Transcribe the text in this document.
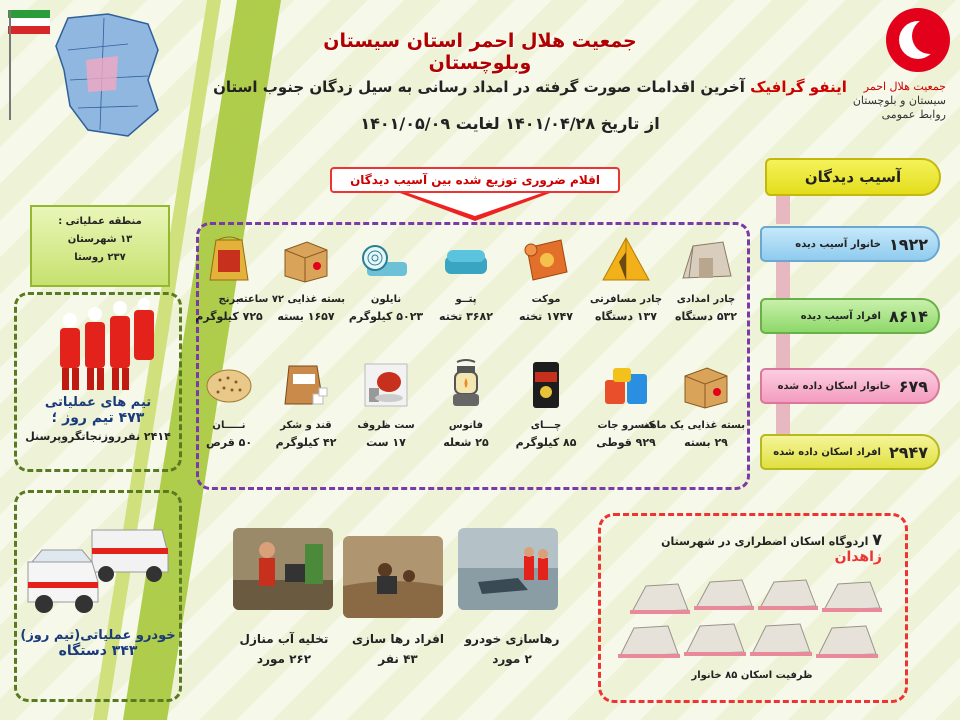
جمعیت هلال احمر
سیستان و بلوچستان
روابط عمومی
جمعیت هلال احمر استان سیستان وبلوچستان
اینفو گرافیک آخرین اقدامات صورت گرفته در امداد رسانی به سیل زدگان جنوب استان
از تاریخ ۱۴۰۱/۰۴/۲۸ لغایت ۱۴۰۱/۰۵/۰۹
اقلام ضروری توزیع شده بین آسیب دیدگان
چادر امدادی
۵۳۲ دستگاه
چادر مسافرتی
۱۳۷ دستگاه
موکت
۱۷۴۷ تخته
پتــو
۳۶۸۲ تخته
نایلون
۵۰۲۳ کیلوگرم
بسته غذایی ۷۲ ساعته
۱۶۵۷ بسته
برنج
۷۲۵ کیلوگرم
بسته غذایی یک ماهه
۲۹ بسته
کنسرو جات
۹۲۹ قوطی
چـــای
۸۵ کیلوگرم
فانوس
۲۵ شعله
ست ظروف
۱۷ ست
قند و شکر
۴۲ کیلوگرم
نـــــان
۵۰ قرص
آسیب دیدگان
۱۹۲۲
خانوار آسیب دیده
۸۶۱۴
افراد آسیب دیده
۶۷۹
خانوار اسکان داده شده
۲۹۴۷
افراد اسکان داده شده
منطقه عملیاتی :
۱۳ شهرستان
۲۳۷ روستا
تیم های عملیاتی
۴۷۳ تیم روز ؛
۲۴۱۴ نفرروزنجاتگروپرسنل
خودرو عملیاتی(تیم روز)
۳۴۳ دستگاه
تخلیه آب منازل
۲۶۲ مورد
افراد رها سازی
۴۳ نفر
رهاسازی خودرو
۲ مورد
۷ اردوگاه اسکان اضطراری در شهرستان زاهدان
ظرفیت اسکان ۸۵ خانوار
